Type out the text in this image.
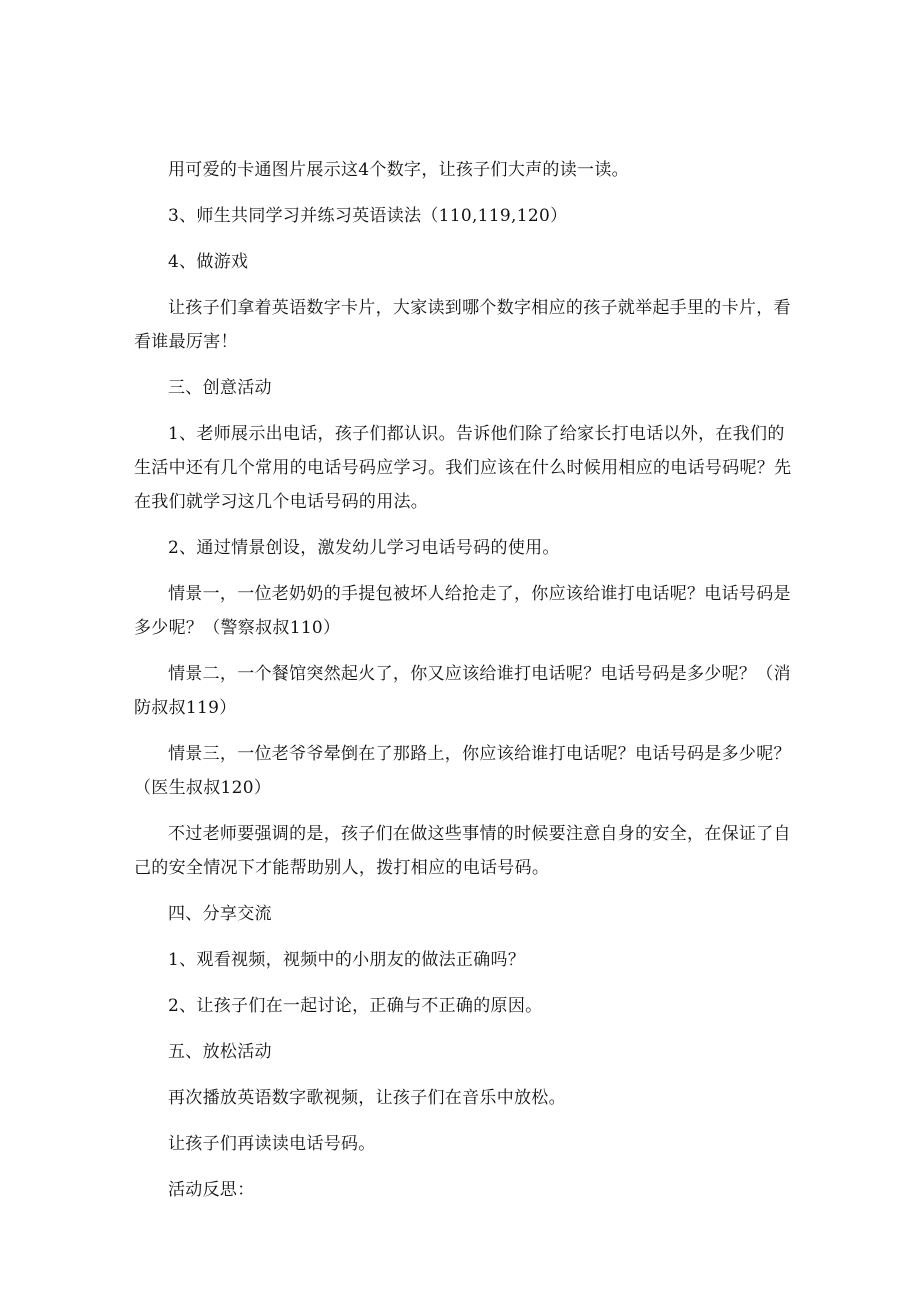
用可爱的卡通图片展示这4个数字，让孩子们大声的读一读。

3、师生共同学习并练习英语读法（110,119,120）

4、做游戏

让孩子们拿着英语数字卡片，大家读到哪个数字相应的孩子就举起手里的卡片，看看谁最厉害！

三、创意活动

1、老师展示出电话，孩子们都认识。告诉他们除了给家长打电话以外，在我们的生活中还有几个常用的电话号码应学习。我们应该在什么时候用相应的电话号码呢？先在我们就学习这几个电话号码的用法。

2、通过情景创设，激发幼儿学习电话号码的使用。

情景一，一位老奶奶的手提包被坏人给抢走了，你应该给谁打电话呢？电话号码是多少呢？（警察叔叔110）

情景二，一个餐馆突然起火了，你又应该给谁打电话呢？电话号码是多少呢？（消防叔叔119）

情景三，一位老爷爷晕倒在了那路上，你应该给谁打电话呢？电话号码是多少呢？（医生叔叔120）

不过老师要强调的是，孩子们在做这些事情的时候要注意自身的安全，在保证了自己的安全情况下才能帮助别人，拨打相应的电话号码。

四、分享交流

1、观看视频，视频中的小朋友的做法正确吗？

2、让孩子们在一起讨论，正确与不正确的原因。

五、放松活动

再次播放英语数字歌视频，让孩子们在音乐中放松。

让孩子们再读读电话号码。

活动反思：
